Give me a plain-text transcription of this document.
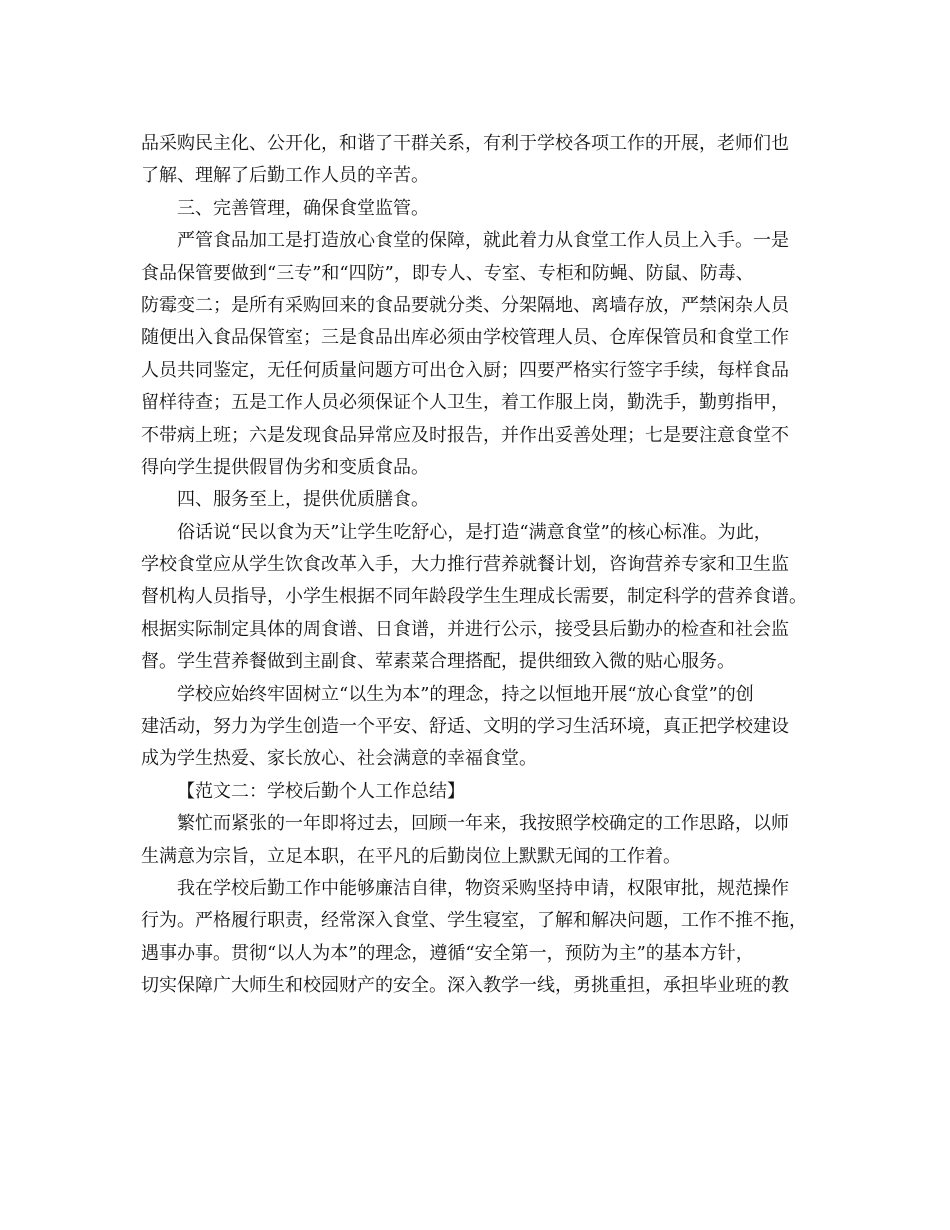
品采购民主化、公开化，和谐了干群关系，有利于学校各项工作的开展，老师们也
了解、理解了后勤工作人员的辛苦。
三、完善管理，确保食堂监管。
严管食品加工是打造放心食堂的保障，就此着力从食堂工作人员上入手。一是
食品保管要做到“三专”和“四防”，即专人、专室、专柜和防蝇、防鼠、防毒、
防霉变二；是所有采购回来的食品要就分类、分架隔地、离墙存放，严禁闲杂人员
随便出入食品保管室；三是食品出库必须由学校管理人员、仓库保管员和食堂工作
人员共同鉴定，无任何质量问题方可出仓入厨；四要严格实行签字手续，每样食品
留样待查；五是工作人员必须保证个人卫生，着工作服上岗，勤洗手，勤剪指甲，
不带病上班；六是发现食品异常应及时报告，并作出妥善处理；七是要注意食堂不
得向学生提供假冒伪劣和变质食品。
四、服务至上，提供优质膳食。
俗话说“民以食为天”让学生吃舒心，是打造“满意食堂”的核心标准。为此，
学校食堂应从学生饮食改革入手，大力推行营养就餐计划，咨询营养专家和卫生监
督机构人员指导，小学生根据不同年龄段学生生理成长需要，制定科学的营养食谱。
根据实际制定具体的周食谱、日食谱，并进行公示，接受县后勤办的检查和社会监
督。学生营养餐做到主副食、荤素菜合理搭配，提供细致入微的贴心服务。
学校应始终牢固树立“以生为本”的理念，持之以恒地开展“放心食堂”的创
建活动，努力为学生创造一个平安、舒适、文明的学习生活环境，真正把学校建设
成为学生热爱、家长放心、社会满意的幸福食堂。
【范文二：学校后勤个人工作总结】
繁忙而紧张的一年即将过去，回顾一年来，我按照学校确定的工作思路，以师
生满意为宗旨，立足本职，在平凡的后勤岗位上默默无闻的工作着。
我在学校后勤工作中能够廉洁自律，物资采购坚持申请，权限审批，规范操作
行为。严格履行职责，经常深入食堂、学生寝室，了解和解决问题，工作不推不拖，
遇事办事。贯彻“以人为本”的理念，遵循“安全第一，预防为主”的基本方针，
切实保障广大师生和校园财产的安全。深入教学一线，勇挑重担，承担毕业班的教
